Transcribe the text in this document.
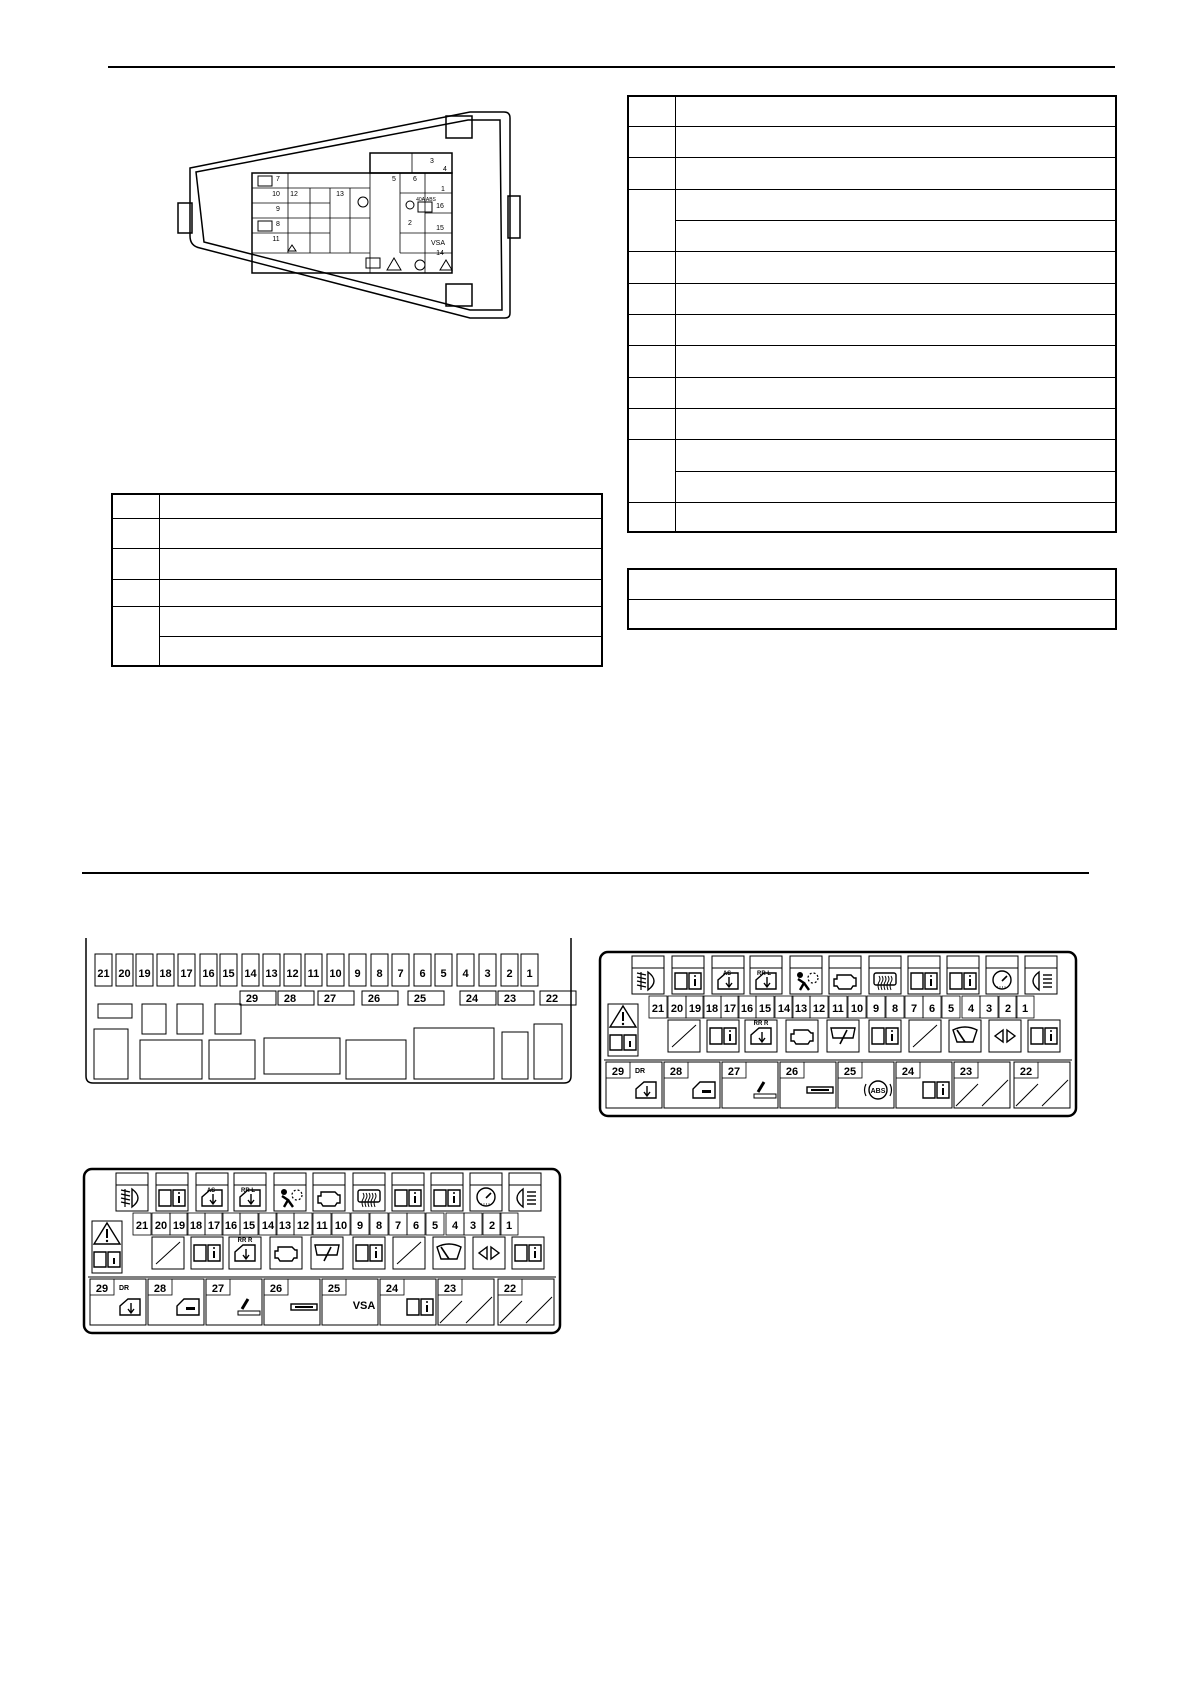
1
2
3
4
5 6
7
8
9
10
11
12	13
14
15
16
VSA
40A ABS

21 20 19 18 17 16 15 14 13 12 11 10 9 8 7 6 5 4 3 2 1
29 28	27	26	25	24 23	22
AS	RR L
21 20 19 18 17 16 15 14 13 12 11 10 9 8 7 6 5 4 3 2 1
RR R
29	28	27	26	25
ABS
24	23	22
DR
AS	RR L
21 20 19 18 17 16 15 14 13 12 11 10 9 8 7 6 5 4 3 2 1
RR R
29	28	27	26	25
VSA
24	23	22
DR
